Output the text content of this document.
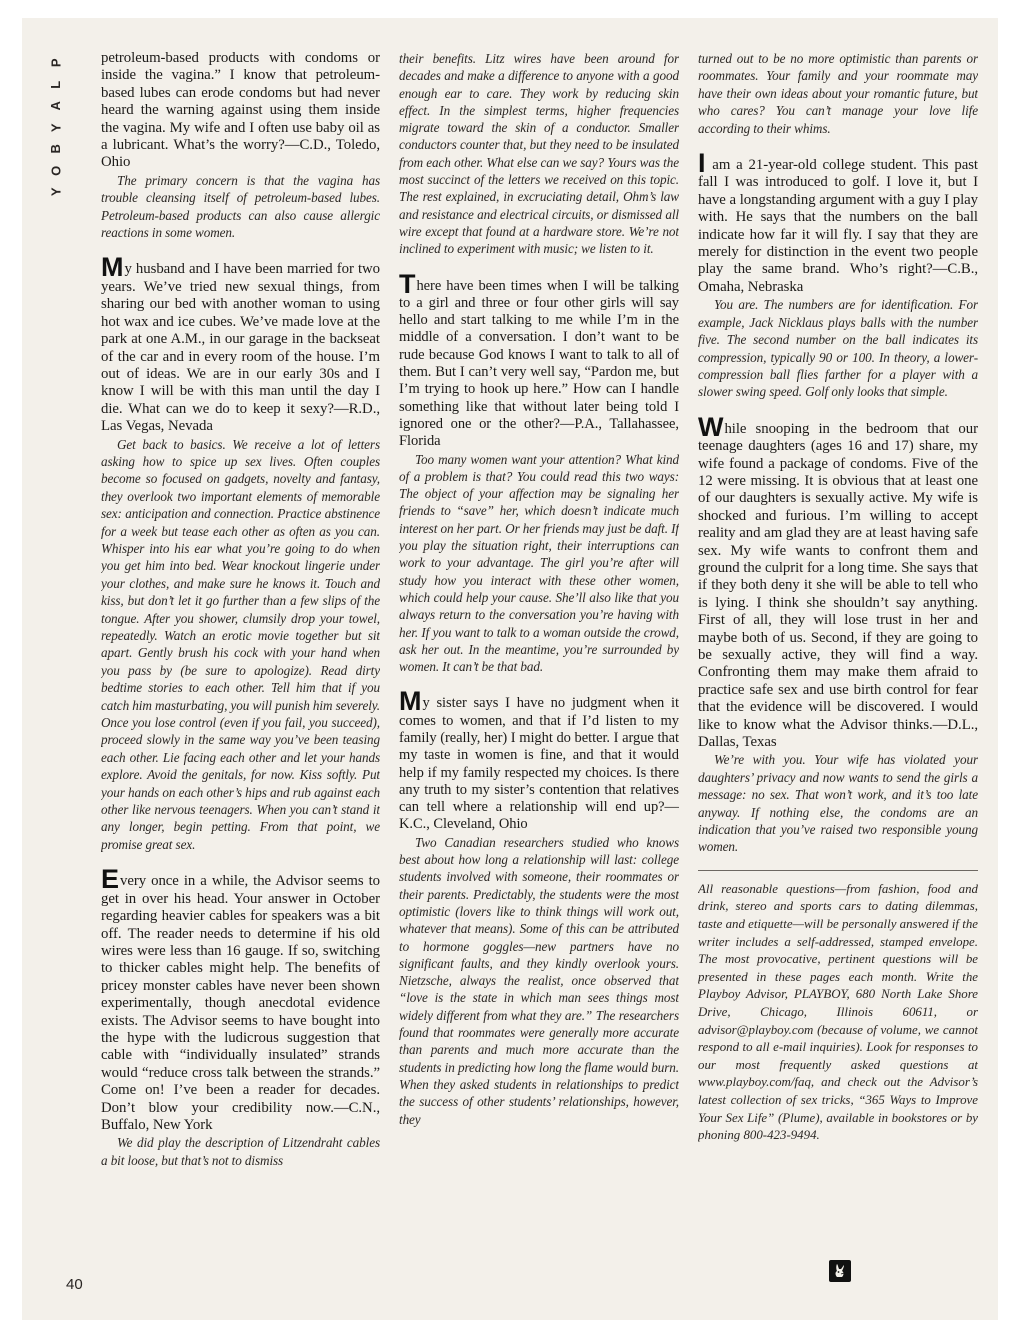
P
L
A
Y
B
O
Y

petroleum-based products with condoms or inside the vagina.” I know that petroleum-based lubes can erode condoms but had never heard the warning against using them inside the vagina. My wife and I often use baby oil as a lubricant. What’s the worry?—C.D., Toledo, Ohio

The primary concern is that the vagina has trouble cleansing itself of petroleum-based lubes. Petroleum-based products can also cause allergic reactions in some women.

My husband and I have been married for two years. We’ve tried new sexual things, from sharing our bed with another woman to using hot wax and ice cubes. We’ve made love at the park at one A.M., in our garage in the backseat of the car and in every room of the house. I’m out of ideas. We are in our early 30s and I know I will be with this man until the day I die. What can we do to keep it sexy?—R.D., Las Vegas, Nevada

Get back to basics. We receive a lot of letters asking how to spice up sex lives. Often couples become so focused on gadgets, novelty and fantasy, they overlook two important elements of memorable sex: anticipation and connection. Practice abstinence for a week but tease each other as often as you can. Whisper into his ear what you’re going to do when you get him into bed. Wear knockout lingerie under your clothes, and make sure he knows it. Touch and kiss, but don’t let it go further than a few slips of the tongue. After you shower, clumsily drop your towel, repeatedly. Watch an erotic movie together but sit apart. Gently brush his cock with your hand when you pass by (be sure to apologize). Read dirty bedtime stories to each other. Tell him that if you catch him masturbating, you will punish him severely. Once you lose control (even if you fail, you succeed), proceed slowly in the same way you’ve been teasing each other. Lie facing each other and let your hands explore. Avoid the genitals, for now. Kiss softly. Put your hands on each other’s hips and rub against each other like nervous teenagers. When you can’t stand it any longer, begin petting. From that point, we promise great sex.

Every once in a while, the Advisor seems to get in over his head. Your answer in October regarding heavier cables for speakers was a bit off. The reader needs to determine if his old wires were less than 16 gauge. If so, switching to thicker cables might help. The benefits of pricey monster cables have never been shown experimentally, though anecdotal evidence exists. The Advisor seems to have bought into the hype with the ludicrous suggestion that cable with “individually insulated” strands would “reduce cross talk between the strands.” Come on! I’ve been a reader for decades. Don’t blow your credibility now.—C.N., Buffalo, New York

We did play the description of Litzendraht cables a bit loose, but that’s not to dismiss

their benefits. Litz wires have been around for decades and make a difference to anyone with a good enough ear to care. They work by reducing skin effect. In the simplest terms, higher frequencies migrate toward the skin of a conductor. Smaller conductors counter that, but they need to be insulated from each other. What else can we say? Yours was the most succinct of the letters we received on this topic. The rest explained, in excruciating detail, Ohm’s law and resistance and electrical circuits, or dismissed all wire except that found at a hardware store. We’re not inclined to experiment with music; we listen to it.

There have been times when I will be talking to a girl and three or four other girls will say hello and start talking to me while I’m in the middle of a conversation. I don’t want to be rude because God knows I want to talk to all of them. But I can’t very well say, “Pardon me, but I’m trying to hook up here.” How can I handle something like that without later being told I ignored one or the other?—P.A., Tallahassee, Florida

Too many women want your attention? What kind of a problem is that? You could read this two ways: The object of your affection may be signaling her friends to “save” her, which doesn’t indicate much interest on her part. Or her friends may just be daft. If you play the situation right, their interruptions can work to your advantage. The girl you’re after will study how you interact with these other women, which could help your cause. She’ll also like that you always return to the conversation you’re having with her. If you want to talk to a woman outside the crowd, ask her out. In the meantime, you’re surrounded by women. It can’t be that bad.

My sister says I have no judgment when it comes to women, and that if I’d listen to my family (really, her) I might do better. I argue that my taste in women is fine, and that it would help if my family respected my choices. Is there any truth to my sister’s contention that relatives can tell where a relationship will end up?—K.C., Cleveland, Ohio

Two Canadian researchers studied who knows best about how long a relationship will last: college students involved with someone, their roommates or their parents. Predictably, the students were the most optimistic (lovers like to think things will work out, whatever that means). Some of this can be attributed to hormone goggles—new partners have no significant faults, and they kindly overlook yours. Nietzsche, always the realist, once observed that “love is the state in which man sees things most widely different from what they are.” The researchers found that roommates were generally more accurate than parents and much more accurate than the students in predicting how long the flame would burn. When they asked students in relationships to predict the success of other students’ relationships, however, they

turned out to be no more optimistic than parents or roommates. Your family and your roommate may have their own ideas about your romantic future, but who cares? You can’t manage your love life according to their whims.

I am a 21-year-old college student. This past fall I was introduced to golf. I love it, but I have a longstanding argument with a guy I play with. He says that the numbers on the ball indicate how far it will fly. I say that they are merely for distinction in the event two people play the same brand. Who’s right?—C.B., Omaha, Nebraska

You are. The numbers are for identification. For example, Jack Nicklaus plays balls with the number five. The second number on the ball indicates its compression, typically 90 or 100. In theory, a lower-compression ball flies farther for a player with a slower swing speed. Golf only looks that simple.

While snooping in the bedroom that our teenage daughters (ages 16 and 17) share, my wife found a package of condoms. Five of the 12 were missing. It is obvious that at least one of our daughters is sexually active. My wife is shocked and furious. I’m willing to accept reality and am glad they are at least having safe sex. My wife wants to confront them and ground the culprit for a long time. She says that if they both deny it she will be able to tell who is lying. I think she shouldn’t say anything. First of all, they will lose trust in her and maybe both of us. Second, if they are going to be sexually active, they will find a way. Confronting them may make them afraid to practice safe sex and use birth control for fear that the evidence will be discovered. I would like to know what the Advisor thinks.—D.L., Dallas, Texas

We’re with you. Your wife has violated your daughters’ privacy and now wants to send the girls a message: no sex. That won’t work, and it’s too late anyway. If nothing else, the condoms are an indication that you’ve raised two responsible young women.

All reasonable questions—from fashion, food and drink, stereo and sports cars to dating dilemmas, taste and etiquette—will be personally answered if the writer includes a self-addressed, stamped envelope. The most provocative, pertinent questions will be presented in these pages each month. Write the Playboy Advisor, PLAYBOY, 680 North Lake Shore Drive, Chicago, Illinois 60611, or advisor@playboy.com (because of volume, we cannot respond to all e-mail inquiries). Look for responses to our most frequently asked questions at www.playboy.com/faq, and check out the Advisor’s latest collection of sex tricks, “365 Ways to Improve Your Sex Life” (Plume), available in bookstores or by phoning 800-423-9494.

40
